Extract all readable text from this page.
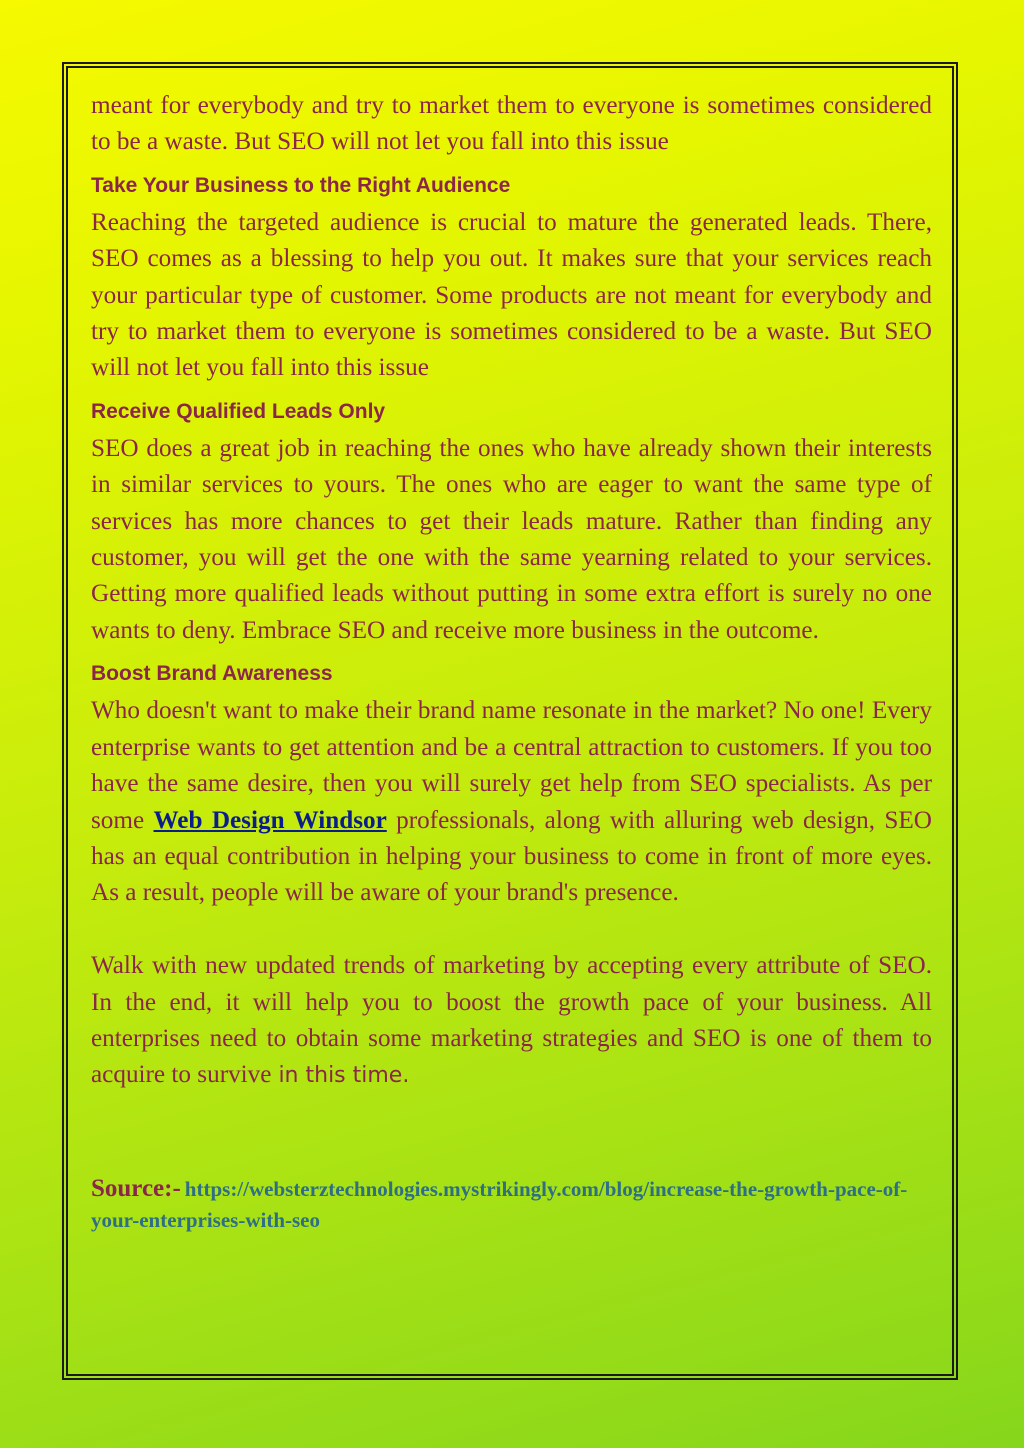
meant for everybody and try to market them to everyone is sometimes considered to be a waste. But SEO will not let you fall into this issue

Take Your Business to the Right Audience

Reaching the targeted audience is crucial to mature the generated leads. There, SEO comes as a blessing to help you out. It makes sure that your services reach your particular type of customer. Some products are not meant for everybody and try to market them to everyone is sometimes considered to be a waste. But SEO will not let you fall into this issue

Receive Qualified Leads Only

SEO does a great job in reaching the ones who have already shown their interests in similar services to yours. The ones who are eager to want the same type of services has more chances to get their leads mature. Rather than finding any customer, you will get the one with the same yearning related to your services. Getting more qualified leads without putting in some extra effort is surely no one wants to deny. Embrace SEO and receive more business in the outcome.

Boost Brand Awareness

Who doesn't want to make their brand name resonate in the market? No one! Every enterprise wants to get attention and be a central attraction to customers. If you too have the same desire, then you will surely get help from SEO specialists. As per some Web Design Windsor professionals, along with alluring web design, SEO has an equal contribution in helping your business to come in front of more eyes. As a result, people will be aware of your brand's presence.

Walk with new updated trends of marketing by accepting every attribute of SEO. In the end, it will help you to boost the growth pace of your business. All enterprises need to obtain some marketing strategies and SEO is one of them to acquire to survive in this time.

Source:- https://websterztechnologies.mystrikingly.com/blog/increase-the-growth-pace-of-your-enterprises-with-seo
